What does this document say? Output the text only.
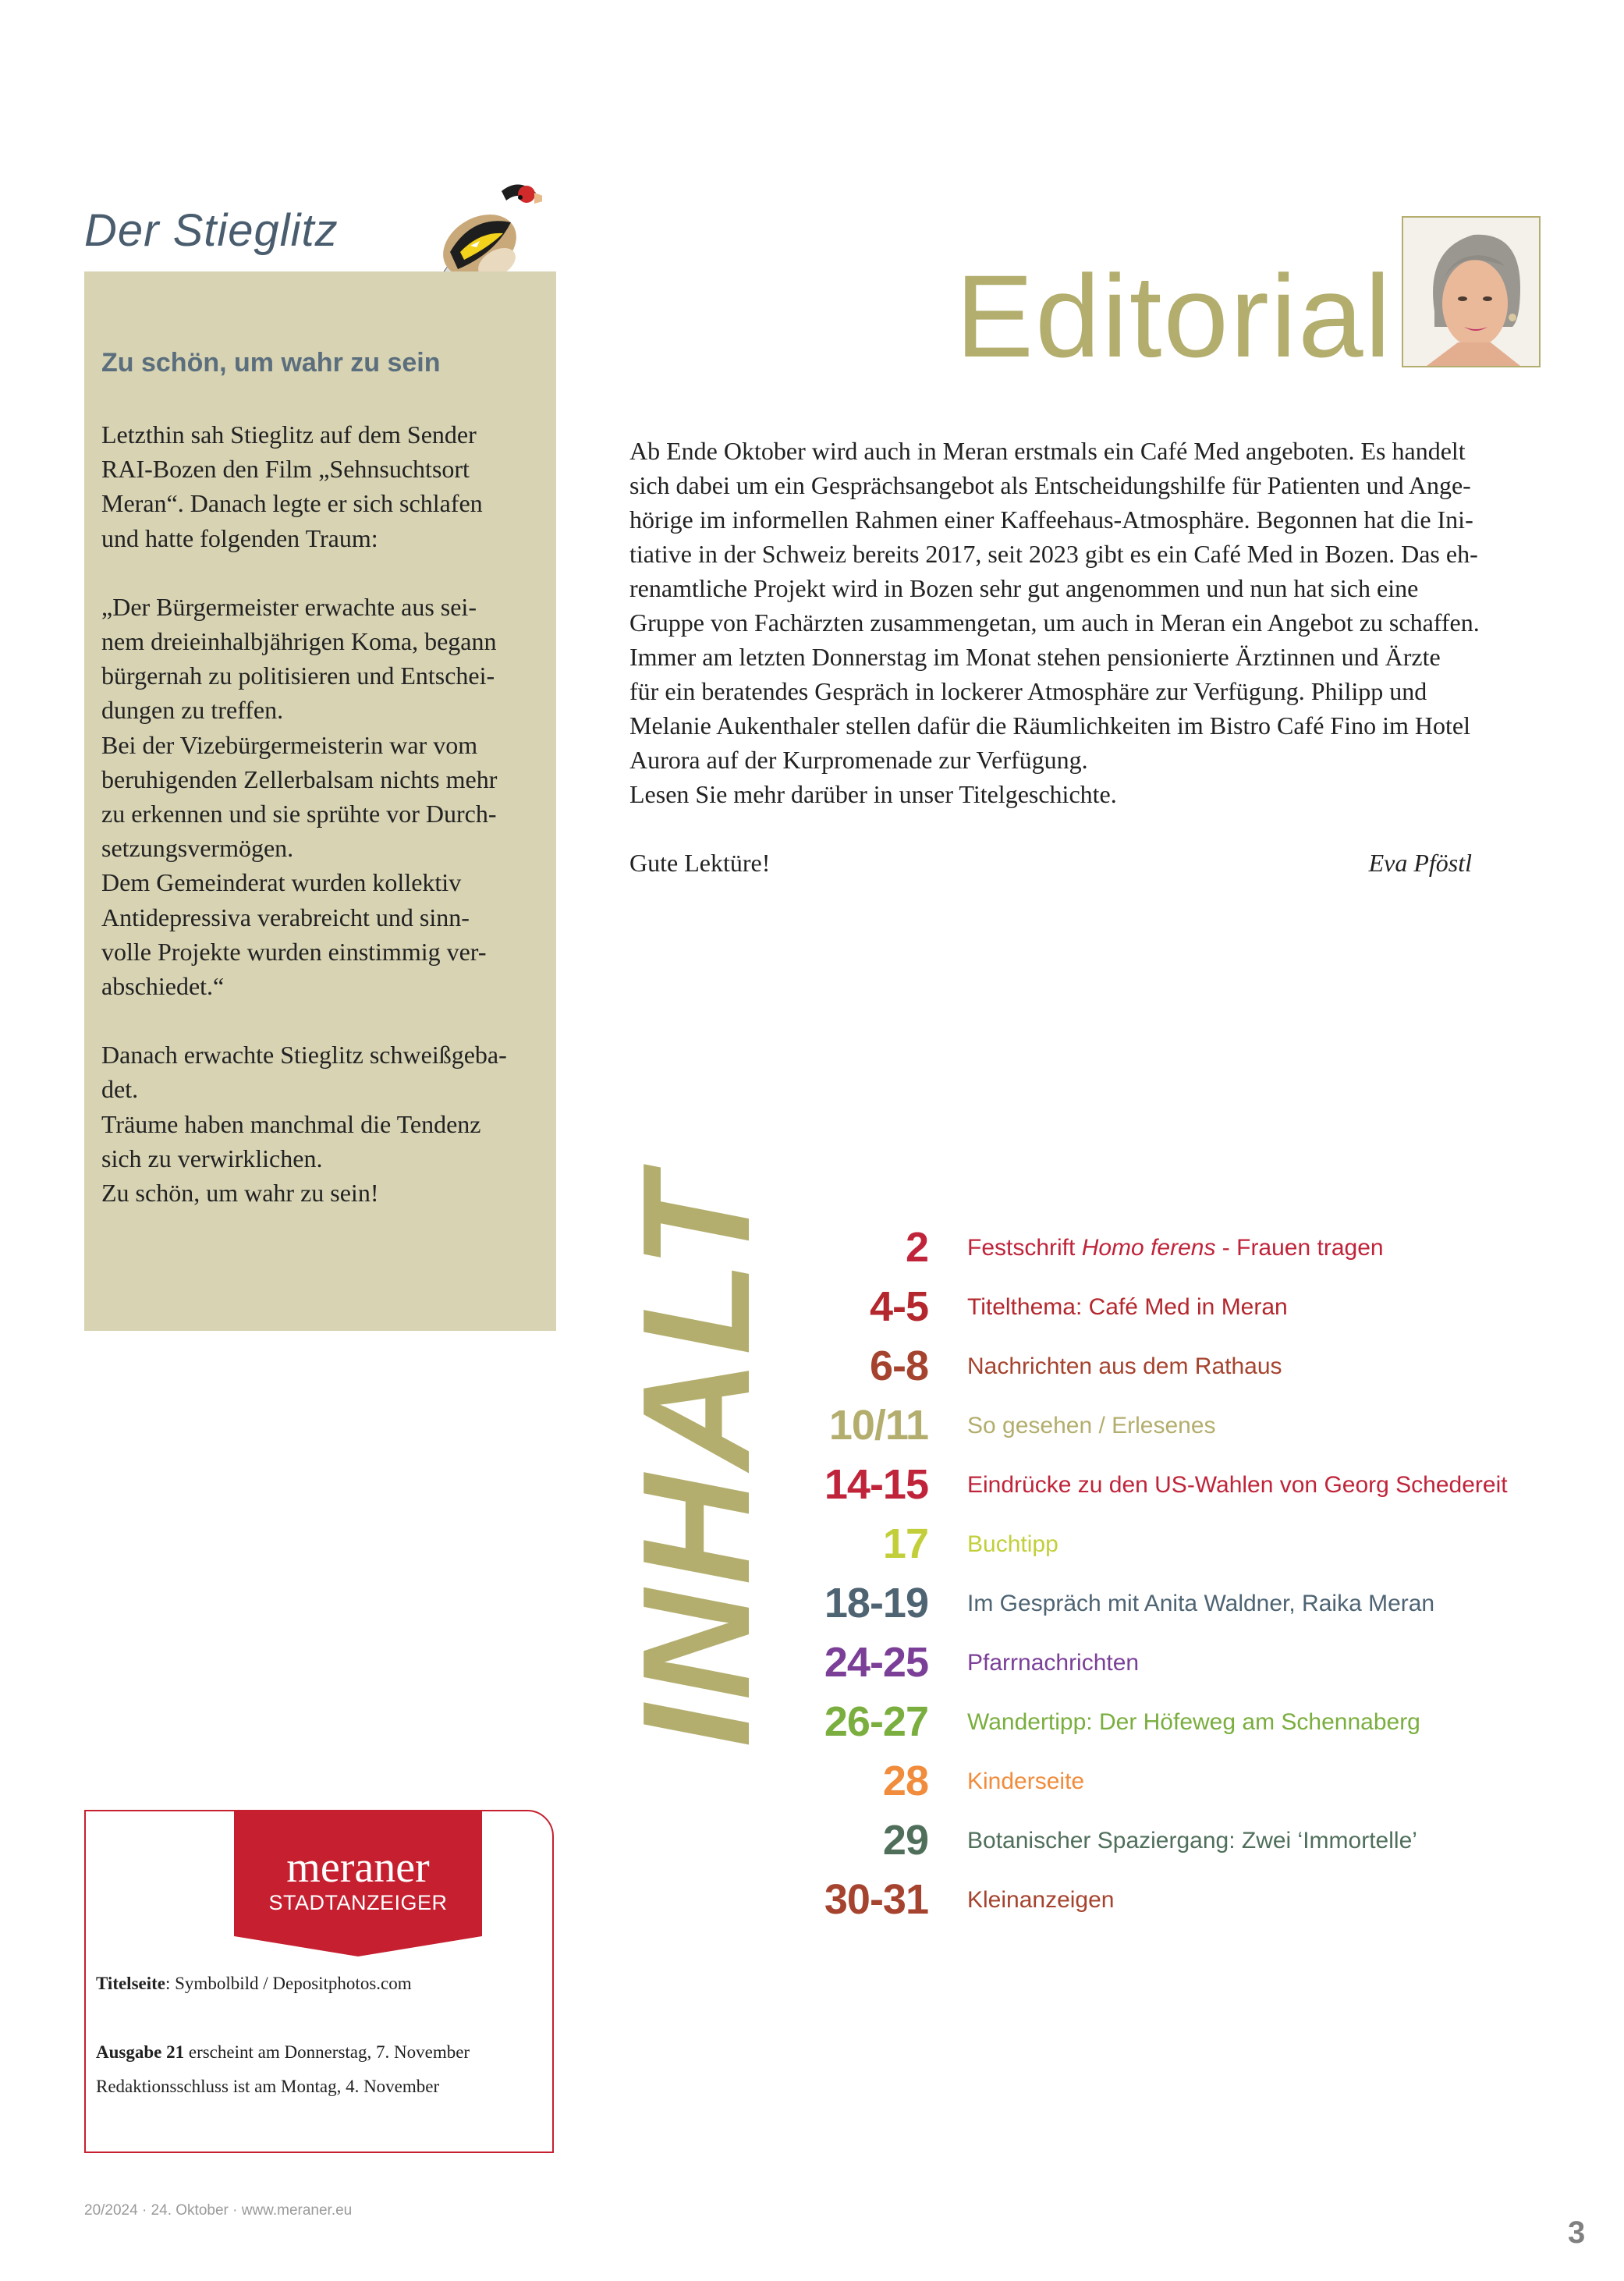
Der Stieglitz
Zu schön, um wahr zu sein

Letzthin sah Stieglitz auf dem Sender
RAI-Bozen den Film „Sehnsuchtsort
Meran“. Danach legte er sich schlafen
und hatte folgenden Traum:

„Der Bürgermeister erwachte aus sei-
nem dreieinhalbjährigen Koma, begann
bürgernah zu politisieren und Entschei-
dungen zu treffen.
Bei der Vizebürgermeisterin war vom
beruhigenden Zellerbalsam nichts mehr
zu erkennen und sie sprühte vor Durch-
setzungsvermögen.
Dem Gemeinderat wurden kollektiv
Antidepressiva verabreicht und sinn-
volle Projekte wurden einstimmig ver-
abschiedet.“

Danach erwachte Stieglitz schweißgeba-
det.
Träume haben manchmal die Tendenz
sich zu verwirklichen.
Zu schön, um wahr zu sein!

Editorial

Ab Ende Oktober wird auch in Meran erstmals ein Café Med angeboten. Es handelt
sich dabei um ein Gesprächsangebot als Entscheidungshilfe für Patienten und Ange-
hörige im informellen Rahmen einer Kaffeehaus-Atmosphäre. Begonnen hat die Ini-
tiative in der Schweiz bereits 2017, seit 2023 gibt es ein Café Med in Bozen. Das eh-
renamtliche Projekt wird in Bozen sehr gut angenommen und nun hat sich eine
Gruppe von Fachärzten zusammengetan, um auch in Meran ein Angebot zu schaffen.
Immer am letzten Donnerstag im Monat stehen pensionierte Ärztinnen und Ärzte
für ein beratendes Gespräch in lockerer Atmosphäre zur Verfügung. Philipp und
Melanie Aukenthaler stellen dafür die Räumlichkeiten im Bistro Café Fino im Hotel
Aurora auf der Kurpromenade zur Verfügung.
Lesen Sie mehr darüber in unser Titelgeschichte.

Gute Lektüre!	Eva Pföstl
INHALT	2 Festschrift Homo ferens - Frauen tragen
4-5 Titelthema: Café Med in Meran
6-8 Nachrichten aus dem Rathaus
10/11 So gesehen / Erlesenes
14-15 Eindrücke zu den US-Wahlen von Georg Schedereit
17 Buchtipp
18-19 Im Gespräch mit Anita Waldner, Raika Meran
24-25 Pfarrnachrichten
26-27 Wandertipp: Der Höfeweg am Schennaberg
28 Kinderseite
29 Botanischer Spaziergang: Zwei ‘Immortelle’
30-31 Kleinanzeigen
meraner
STADTANZEIGER
Titelseite: Symbolbild / Depositphotos.com
Ausgabe 21 erscheint am Donnerstag, 7. November
Redaktionsschluss ist am Montag, 4. November
20/2024 · 24. Oktober · www.meraner.eu
3
